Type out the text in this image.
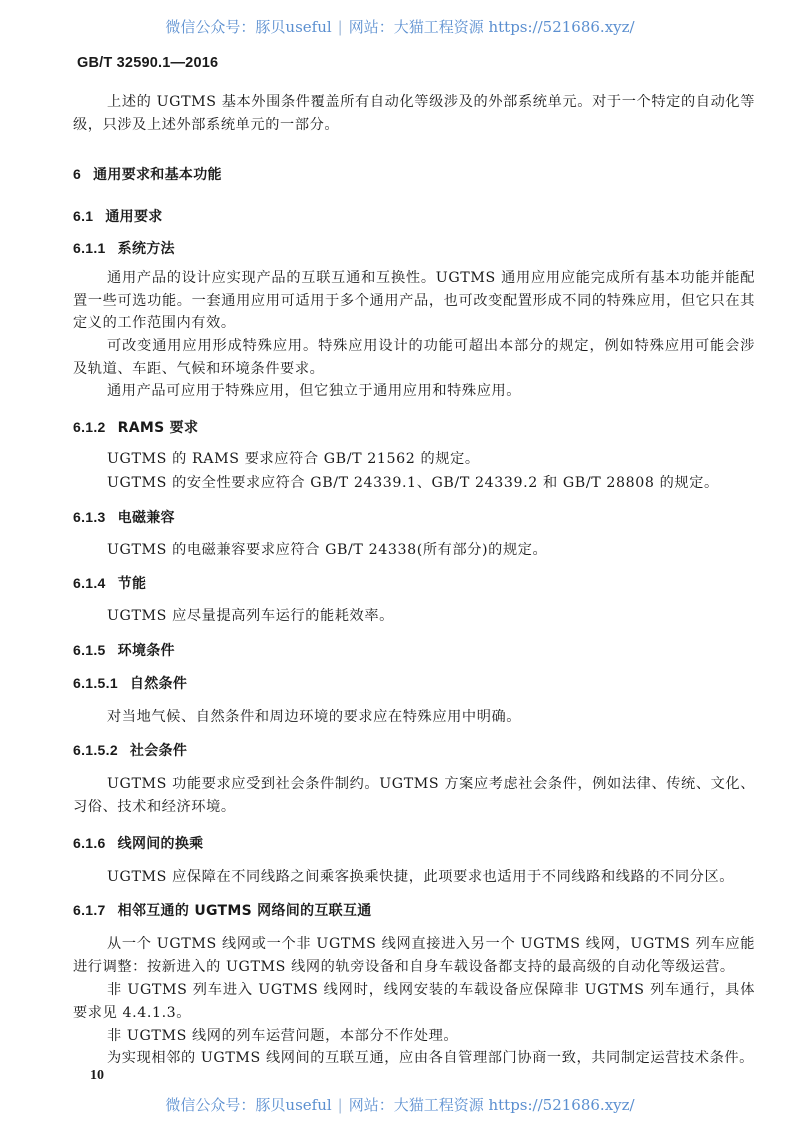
微信公众号：豚贝useful | 网站：大猫工程资源 https://521686.xyz/
GB/T 32590.1—2016
上述的 UGTMS 基本外围条件覆盖所有自动化等级涉及的外部系统单元。对于一个特定的自动化等级，只涉及上述外部系统单元的一部分。
6 通用要求和基本功能
6.1 通用要求
6.1.1 系统方法
通用产品的设计应实现产品的互联互通和互换性。UGTMS 通用应用应能完成所有基本功能并能配置一些可选功能。一套通用应用可适用于多个通用产品，也可改变配置形成不同的特殊应用，但它只在其定义的工作范围内有效。
可改变通用应用形成特殊应用。特殊应用设计的功能可超出本部分的规定，例如特殊应用可能会涉及轨道、车距、气候和环境条件要求。
通用产品可应用于特殊应用，但它独立于通用应用和特殊应用。
6.1.2 RAMS 要求
UGTMS 的 RAMS 要求应符合 GB/T 21562 的规定。
UGTMS 的安全性要求应符合 GB/T 24339.1、GB/T 24339.2 和 GB/T 28808 的规定。
6.1.3 电磁兼容
UGTMS 的电磁兼容要求应符合 GB/T 24338(所有部分)的规定。
6.1.4 节能
UGTMS 应尽量提高列车运行的能耗效率。
6.1.5 环境条件
6.1.5.1 自然条件
对当地气候、自然条件和周边环境的要求应在特殊应用中明确。
6.1.5.2 社会条件
UGTMS 功能要求应受到社会条件制约。UGTMS 方案应考虑社会条件，例如法律、传统、文化、习俗、技术和经济环境。
6.1.6 线网间的换乘
UGTMS 应保障在不同线路之间乘客换乘快捷，此项要求也适用于不同线路和线路的不同分区。
6.1.7 相邻互通的 UGTMS 网络间的互联互通
从一个 UGTMS 线网或一个非 UGTMS 线网直接进入另一个 UGTMS 线网，UGTMS 列车应能进行调整：按新进入的 UGTMS 线网的轨旁设备和自身车载设备都支持的最高级的自动化等级运营。
非 UGTMS 列车进入 UGTMS 线网时，线网安装的车载设备应保障非 UGTMS 列车通行，具体要求见 4.4.1.3。
非 UGTMS 线网的列车运营问题，本部分不作处理。
为实现相邻的 UGTMS 线网间的互联互通，应由各自管理部门协商一致，共同制定运营技术条件。
10
微信公众号：豚贝useful | 网站：大猫工程资源 https://521686.xyz/
